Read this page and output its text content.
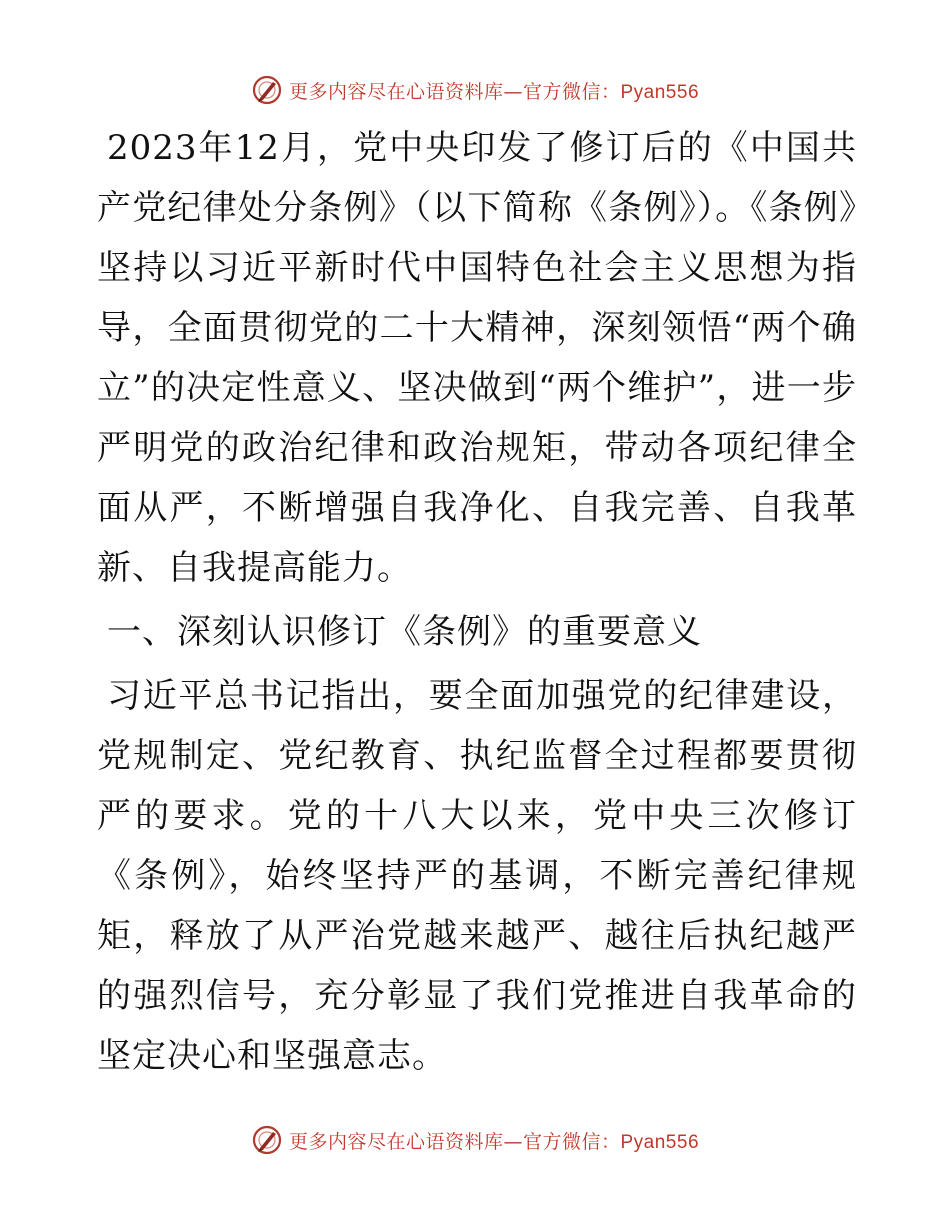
更多内容尽在心语资料库—官方微信：Pyan556

2023年12月，党中央印发了修订后的《中国共产党纪律处分条例》（以下简称《条例》）。《条例》坚持以习近平新时代中国特色社会主义思想为指导，全面贯彻党的二十大精神，深刻领悟“两个确立”的决定性意义、坚决做到“两个维护”，进一步严明党的政治纪律和政治规矩，带动各项纪律全面从严，不断增强自我净化、自我完善、自我革新、自我提高能力。

一、深刻认识修订《条例》的重要意义

习近平总书记指出，要全面加强党的纪律建设，党规制定、党纪教育、执纪监督全过程都要贯彻严的要求。党的十八大以来，党中央三次修订《条例》，始终坚持严的基调，不断完善纪律规矩，释放了从严治党越来越严、越往后执纪越严的强烈信号，充分彰显了我们党推进自我革命的坚定决心和坚强意志。

更多内容尽在心语资料库—官方微信：Pyan556
